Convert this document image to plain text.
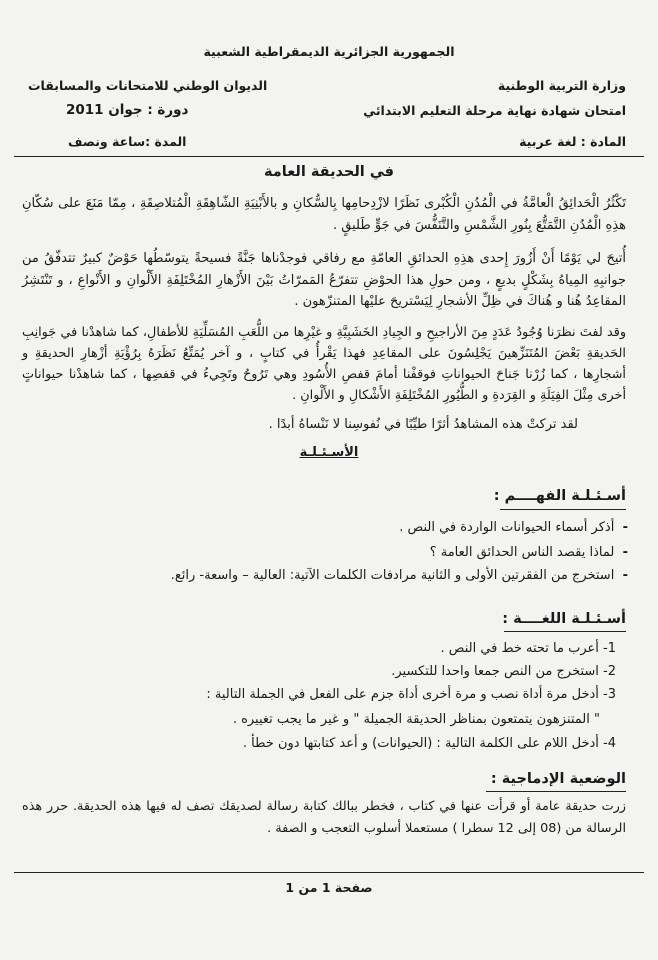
الجمهورية الجزائرية الديمقراطية الشعبية
وزارة التربية الوطنية
الديوان الوطني للامتحانات والمسابقات
امتحان شهادة نهاية مرحلة التعليم الابتدائي
دورة : جوان 2011
المادة : لغة عربية
المدة :ساعة ونصف
في الحديقة العامة
تَكْثُرُ الْحَدائِقُ الْعامَّةُ في الْمُدُنِ الْكُبْرى نَظَرًا لازْدِحامِها بِالسُّكانِ و بالأَبْنِيَةِ الشّاهِقَةِ الْمُتلاصِقَةِ ، مِمّا مَنَعَ على سُكّانِ هذِهِ الْمُدُنِ التَّمَتُّعَ بِنُورِ الشَّمْسِ والتَّنَفُّسَ في جَوٍّ طَليقٍ .
أُتيحَ لي يَوْمًا أَنْ أَزُورَ إِحدى هذِهِ الحدائقِ العامّةِ مع رفاقي فوجدْناها جَنَّةً فسيحةً يتوسّطُها حَوْضٌ كبيرٌ تتدفّقُ من جوانبِهِ المِياهُ بِشَكْلٍ بديعٍ ، ومن حولِ هذا الحوْضِ تتفرّعُ المَمرّاتُ بَيْنَ الأَزْهارِ المُخْتَلِفَةِ الأَلْوانِ و الأَنْواعِ ، و تَنْتَشِرُ المقاعِدُ هُنا و هُناكَ في ظِلِّ الأشجارِ لِيَسْتريحَ عليْها المتنزّهون .
وقد لفتَ نظرَنا وُجُودُ عَدَدٍ مِنَ الأراجيحِ و الجِيادِ الخَشَبِيَّةِ و غيْرِها من اللُّعَبِ المُسَلِّيَةِ للأطفالِ، كما شاهدْنا في جَوانِبِ الحَديقةِ بَعْضَ المُتَنَزِّهينَ يَجْلِسُونَ على المقاعِدِ فهذا يَقْرأُ في كتابٍ ، و آخر يُمَتِّعُ نَظَرَهُ بِرُؤْيَةِ أزْهارِ الحديقةِ و أشجارِها ، كما زُرْنا جَناحَ الحيواناتِ فوقفْنا أمامَ قفصِ الأُسُودِ وهي تَرُوحُ وتَجِيءُ في قفصِها ، كما شاهدْنا حيواناتٍ أخرى مِثْلَ الفِيَلَةِ و القِرَدةِ و الطُّيُورِ المُخْتَلِفَةِ الأَشْكالِ و الأَلْوانِ .
لقد تركتْ هذه المشاهدُ أثرًا طيِّبًا في نُفوسِنا لا نَنْساهُ أبدًا .
الأسـئـلـة
أسـئـلـة الفهــــم :
-  أذكر أسماء الحيوانات الواردة في النص .
-  لماذا يقصد الناس الحدائق العامة ؟
-  استخرج من الفقرتين الأولى و الثانية مرادفات الكلمات الآتية: العالية – واسعة- رائع.
أسـئـلـة اللغــــة :
1- أعرب ما تحته خط في النص .
2- استخرج من النص جمعا واحدا للتكسير.
3- أدخل مرة أداة نصب و مرة أخرى أداة جزم على الفعل في الجملة التالية :
" المتنزهون يتمتعون بمناظر الحديقة الجميلة " و غير ما يجب تغييره .
4- أدخل اللام على الكلمة التالية : (الحيوانات) و أعد كتابتها دون خطأ .
الوضعية الإدماجية :
زرت حديقة عامة أو قرأت عنها في كتاب ، فخطر ببالك كتابة رسالة لصديقك تصف له فيها هذه الحديقة. حرر هذه الرسالة من (08 إلى 12 سطرا ) مستعملا أسلوب التعجب و الصفة .
صفحة 1 من 1
